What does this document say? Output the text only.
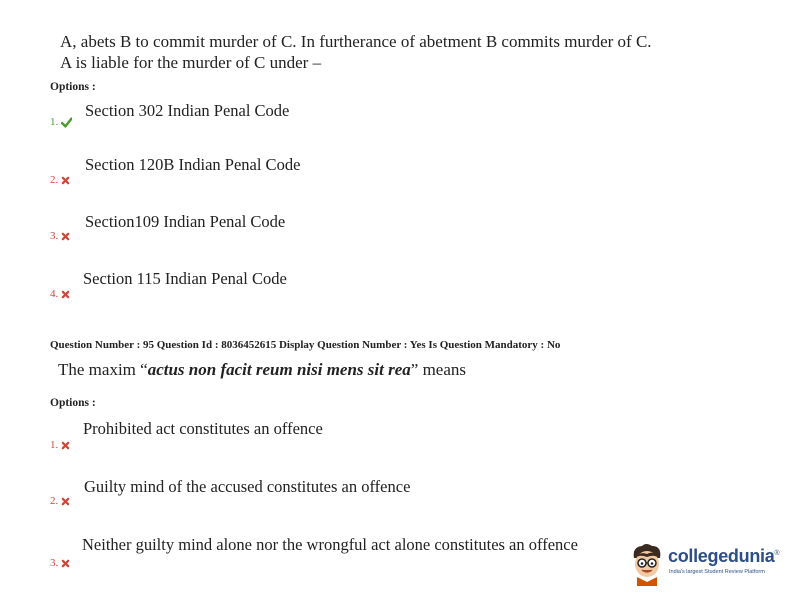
A, abets B to commit murder of C. In furtherance of abetment B commits murder of C.
A is liable for the murder of C under –
Options :
Section 302 Indian Penal Code
1.
Section 120B Indian Penal Code
2.
Section109 Indian Penal Code
3.
Section 115 Indian Penal Code
4.
Question Number : 95 Question Id : 8036452615 Display Question Number : Yes Is Question Mandatory : No
The maxim “actus non facit reum nisi mens sit rea” means
Options :
Prohibited act constitutes an offence
1.
Guilty mind of the accused constitutes an offence
2.
Neither guilty mind alone nor the wrongful act alone constitutes an offence
3.	collegedunia®
India's largest Student Review Platform
